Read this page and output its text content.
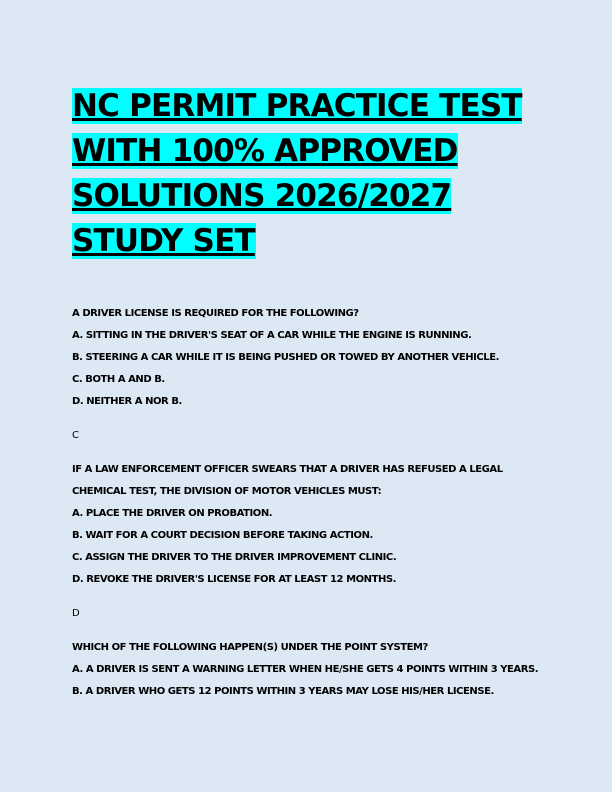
NC PERMIT PRACTICE TEST WITH 100% APPROVED SOLUTIONS 2026/2027 STUDY SET

A DRIVER LICENSE IS REQUIRED FOR THE FOLLOWING?

A. SITTING IN THE DRIVER'S SEAT OF A CAR WHILE THE ENGINE IS RUNNING.

B. STEERING A CAR WHILE IT IS BEING PUSHED OR TOWED BY ANOTHER VEHICLE.

C. BOTH A AND B.

D. NEITHER A NOR B.

C

IF A LAW ENFORCEMENT OFFICER SWEARS THAT A DRIVER HAS REFUSED A LEGAL CHEMICAL TEST, THE DIVISION OF MOTOR VEHICLES MUST:

A. PLACE THE DRIVER ON PROBATION.

B. WAIT FOR A COURT DECISION BEFORE TAKING ACTION.

C. ASSIGN THE DRIVER TO THE DRIVER IMPROVEMENT CLINIC.

D. REVOKE THE DRIVER'S LICENSE FOR AT LEAST 12 MONTHS.

D

WHICH OF THE FOLLOWING HAPPEN(S) UNDER THE POINT SYSTEM?

A. A DRIVER IS SENT A WARNING LETTER WHEN HE/SHE GETS 4 POINTS WITHIN 3 YEARS.

B. A DRIVER WHO GETS 12 POINTS WITHIN 3 YEARS MAY LOSE HIS/HER LICENSE.
